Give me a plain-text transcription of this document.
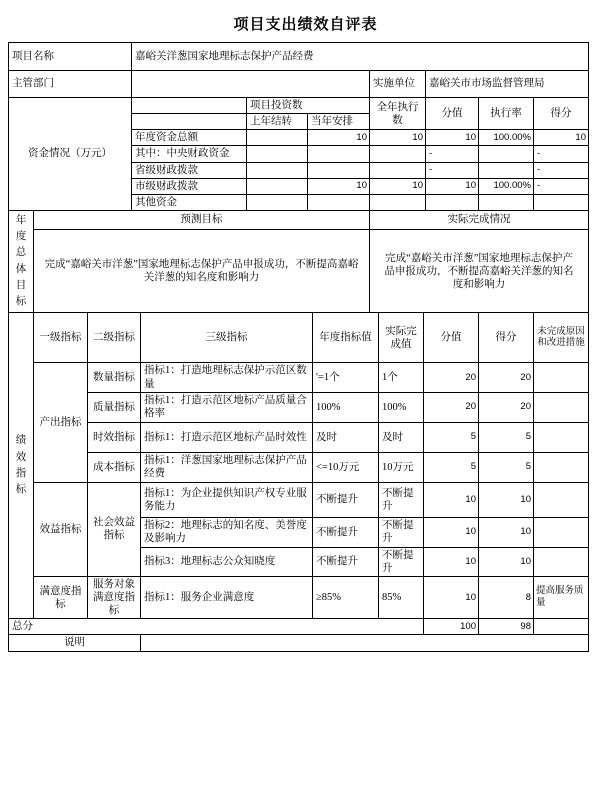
项目支出绩效自评表
项目名称	嘉峪关洋葱国家地理标志保护产品经费		
主管部门		实施单位	嘉峪关市市场监督管理局
资金情况（万元）		项目投资数		全年执行数	分值	执行率	得分
		上年结转	当年安排				
	年度资金总额		10	10	10	100.00%	10
	其中：中央财政资金				-		-
	省级财政拨款				-		-
	市级财政拨款		10	10	10	100.00%	-
	其他资金						
年度总体目标	预测目标	实际完成情况
	完成“嘉峪关市洋葱”国家地理标志保护产品申报成功，不断提高嘉峪关洋葱的知名度和影响力	完成“嘉峪关市洋葱”国家地理标志保护产品申报成功，不断提高嘉峪关洋葱的知名度和影响力
绩效指标	一级指标	二级指标	三级指标	年度指标值	实际完成值	分值	得分	未完成原因和改进措施
	产出指标	数量指标	指标1：打造地理标志保护示范区数量	'=1个	1个	20	20	
		质量指标	指标1：打造示范区地标产品质量合格率	100%	100%	20	20	
		时效指标	指标1：打造示范区地标产品时效性	及时	及时	5	5	
		成本指标	指标1：洋葱国家地理标志保护产品经费	<=10万元	10万元	5	5	
	效益指标	社会效益指标	指标1：为企业提供知识产权专业服务能力	不断提升	不断提升	10	10	
			指标2：地理标志的知名度、美誉度及影响力	不断提升	不断提升	10	10	
			指标3：地理标志公众知晓度	不断提升	不断提升	10	10	
	满意度指标	服务对象满意度指标	指标1：服务企业满意度	≥85%	85%	10	8	提高服务质量
总分	100	98	
说明	
